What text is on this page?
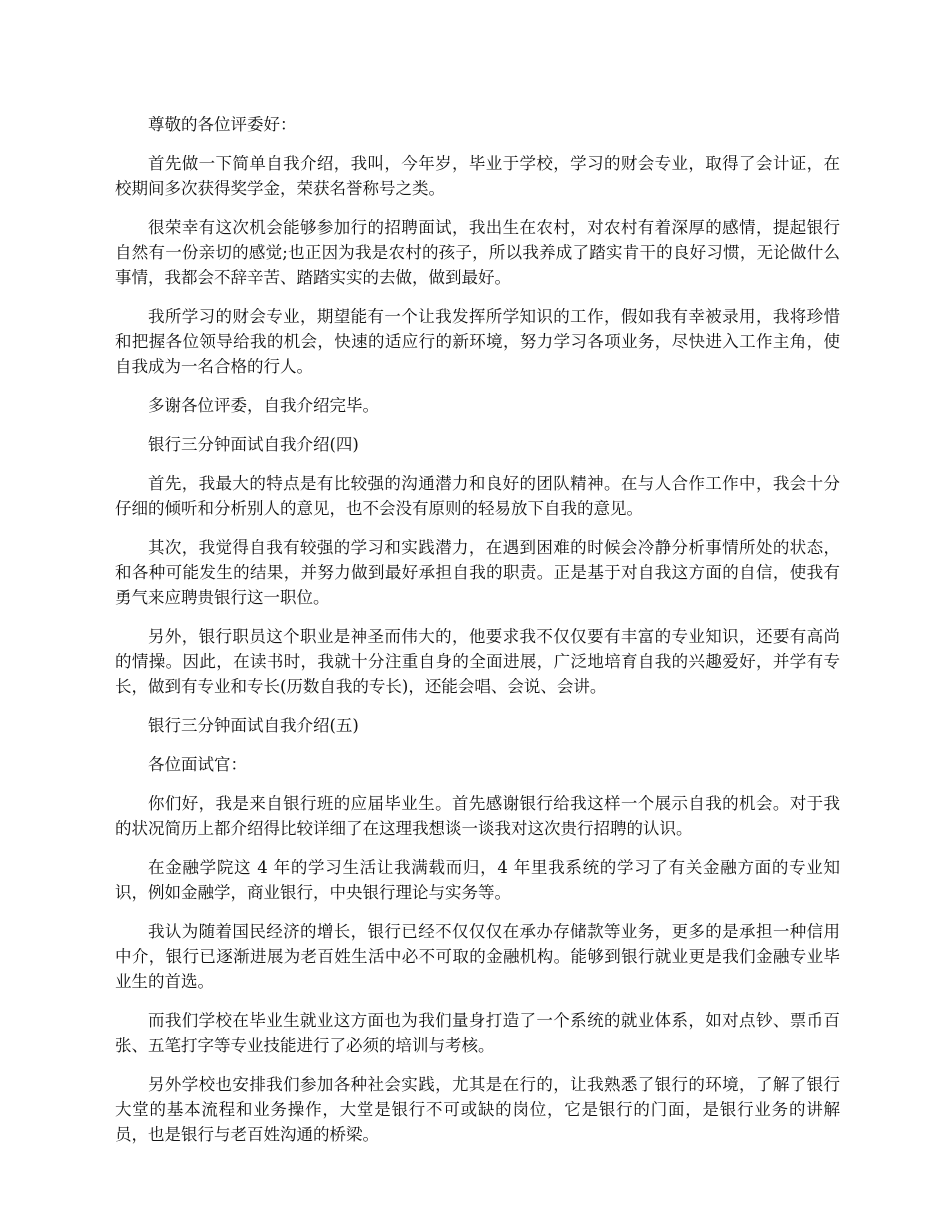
尊敬的各位评委好：

首先做一下简单自我介绍，我叫，今年岁，毕业于学校，学习的财会专业，取得了会计证，在校期间多次获得奖学金，荣获名誉称号之类。

很荣幸有这次机会能够参加行的招聘面试，我出生在农村，对农村有着深厚的感情，提起银行自然有一份亲切的感觉;也正因为我是农村的孩子，所以我养成了踏实肯干的良好习惯，无论做什么事情，我都会不辞辛苦、踏踏实实的去做，做到最好。

我所学习的财会专业，期望能有一个让我发挥所学知识的工作，假如我有幸被录用，我将珍惜和把握各位领导给我的机会，快速的适应行的新环境，努力学习各项业务，尽快进入工作主角，使自我成为一名合格的行人。

多谢各位评委，自我介绍完毕。

银行三分钟面试自我介绍(四)

首先，我最大的特点是有比较强的沟通潜力和良好的团队精神。在与人合作工作中，我会十分仔细的倾听和分析别人的意见，也不会没有原则的轻易放下自我的意见。

其次，我觉得自我有较强的学习和实践潜力，在遇到困难的时候会冷静分析事情所处的状态，和各种可能发生的结果，并努力做到最好承担自我的职责。正是基于对自我这方面的自信，使我有勇气来应聘贵银行这一职位。

另外，银行职员这个职业是神圣而伟大的，他要求我不仅仅要有丰富的专业知识，还要有高尚的情操。因此，在读书时，我就十分注重自身的全面进展，广泛地培育自我的兴趣爱好，并学有专长，做到有专业和专长(历数自我的专长)，还能会唱、会说、会讲。

银行三分钟面试自我介绍(五)

各位面试官：

你们好，我是来自银行班的应届毕业生。首先感谢银行给我这样一个展示自我的机会。对于我的状况简历上都介绍得比较详细了在这理我想谈一谈我对这次贵行招聘的认识。

在金融学院这 4 年的学习生活让我满载而归，4 年里我系统的学习了有关金融方面的专业知识，例如金融学，商业银行，中央银行理论与实务等。

我认为随着国民经济的增长，银行已经不仅仅仅在承办存储款等业务，更多的是承担一种信用中介，银行已逐渐进展为老百姓生活中必不可取的金融机构。能够到银行就业更是我们金融专业毕业生的首选。

而我们学校在毕业生就业这方面也为我们量身打造了一个系统的就业体系，如对点钞、票币百张、五笔打字等专业技能进行了必须的培训与考核。

另外学校也安排我们参加各种社会实践，尤其是在行的，让我熟悉了银行的环境，了解了银行大堂的基本流程和业务操作，大堂是银行不可或缺的岗位，它是银行的门面，是银行业务的讲解员，也是银行与老百姓沟通的桥梁。
